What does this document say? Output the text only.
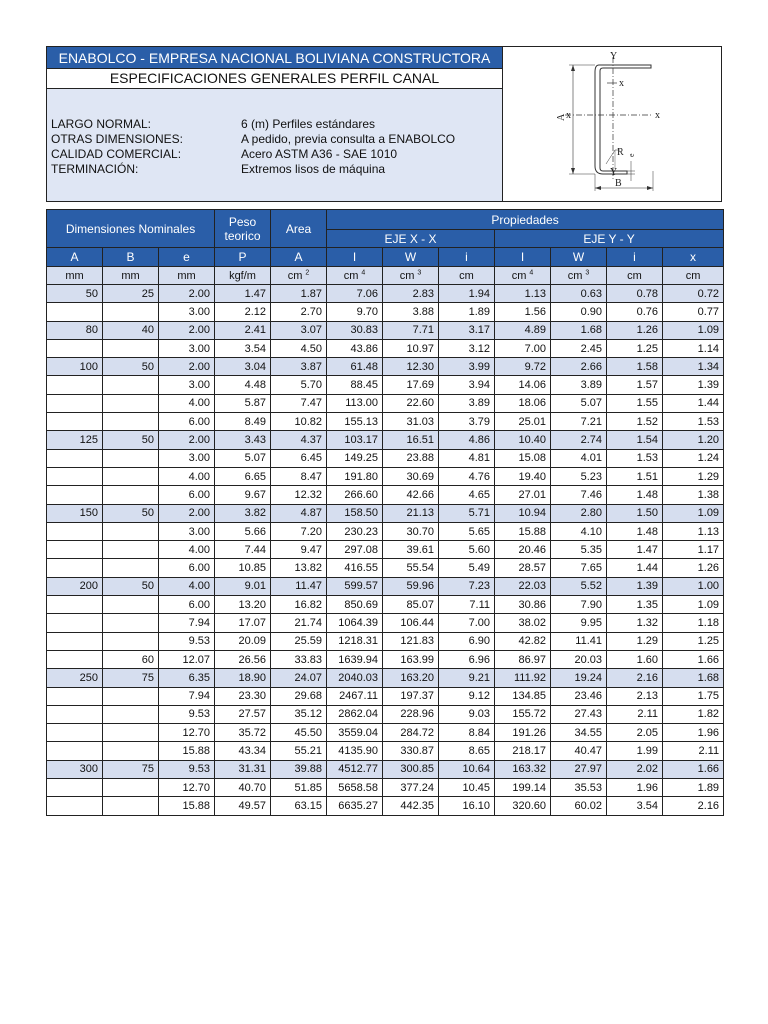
ENABOLCO - EMPRESA NACIONAL BOLIVIANA CONSTRUCTORA
ESPECIFICACIONES GENERALES PERFIL CANAL
LARGO NORMAL:	6 (m) Perfiles estándares
OTRAS DIMENSIONES:	A pedido, previa consulta a ENABOLCO
CALIDAD COMERCIAL:	Acero ASTM A36 - SAE 1010
TERMINACIÓN:	Extremos lisos de máquina
Y
Y
x	x
x
A
B
R e
Dimensiones Nominales			Peso teorico	Area	Propiedades						
					EJE X - X			EJE Y - Y			
A	B	e	P	A	I	W	i	I	W	i	x
mm	mm	mm	kgf/m	cm $^2$	cm $^4$	cm $^3$	cm	cm $^4$	cm $^3$	cm	cm
50	25	2.00	1.47	1.87	7.06	2.83	1.94	1.13	0.63	0.78	0.72
		3.00	2.12	2.70	9.70	3.88	1.89	1.56	0.90	0.76	0.77
80	40	2.00	2.41	3.07	30.83	7.71	3.17	4.89	1.68	1.26	1.09
		3.00	3.54	4.50	43.86	10.97	3.12	7.00	2.45	1.25	1.14
100	50	2.00	3.04	3.87	61.48	12.30	3.99	9.72	2.66	1.58	1.34
		3.00	4.48	5.70	88.45	17.69	3.94	14.06	3.89	1.57	1.39
		4.00	5.87	7.47	113.00	22.60	3.89	18.06	5.07	1.55	1.44
		6.00	8.49	10.82	155.13	31.03	3.79	25.01	7.21	1.52	1.53
125	50	2.00	3.43	4.37	103.17	16.51	4.86	10.40	2.74	1.54	1.20
		3.00	5.07	6.45	149.25	23.88	4.81	15.08	4.01	1.53	1.24
		4.00	6.65	8.47	191.80	30.69	4.76	19.40	5.23	1.51	1.29
		6.00	9.67	12.32	266.60	42.66	4.65	27.01	7.46	1.48	1.38
150	50	2.00	3.82	4.87	158.50	21.13	5.71	10.94	2.80	1.50	1.09
		3.00	5.66	7.20	230.23	30.70	5.65	15.88	4.10	1.48	1.13
		4.00	7.44	9.47	297.08	39.61	5.60	20.46	5.35	1.47	1.17
		6.00	10.85	13.82	416.55	55.54	5.49	28.57	7.65	1.44	1.26
200	50	4.00	9.01	11.47	599.57	59.96	7.23	22.03	5.52	1.39	1.00
		6.00	13.20	16.82	850.69	85.07	7.11	30.86	7.90	1.35	1.09
		7.94	17.07	21.74	1064.39	106.44	7.00	38.02	9.95	1.32	1.18
		9.53	20.09	25.59	1218.31	121.83	6.90	42.82	11.41	1.29	1.25
	60	12.07	26.56	33.83	1639.94	163.99	6.96	86.97	20.03	1.60	1.66
250	75	6.35	18.90	24.07	2040.03	163.20	9.21	111.92	19.24	2.16	1.68
		7.94	23.30	29.68	2467.11	197.37	9.12	134.85	23.46	2.13	1.75
		9.53	27.57	35.12	2862.04	228.96	9.03	155.72	27.43	2.11	1.82
		12.70	35.72	45.50	3559.04	284.72	8.84	191.26	34.55	2.05	1.96
		15.88	43.34	55.21	4135.90	330.87	8.65	218.17	40.47	1.99	2.11
300	75	9.53	31.31	39.88	4512.77	300.85	10.64	163.32	27.97	2.02	1.66
		12.70	40.70	51.85	5658.58	377.24	10.45	199.14	35.53	1.96	1.89
		15.88	49.57	63.15	6635.27	442.35	16.10	320.60	60.02	3.54	2.16
